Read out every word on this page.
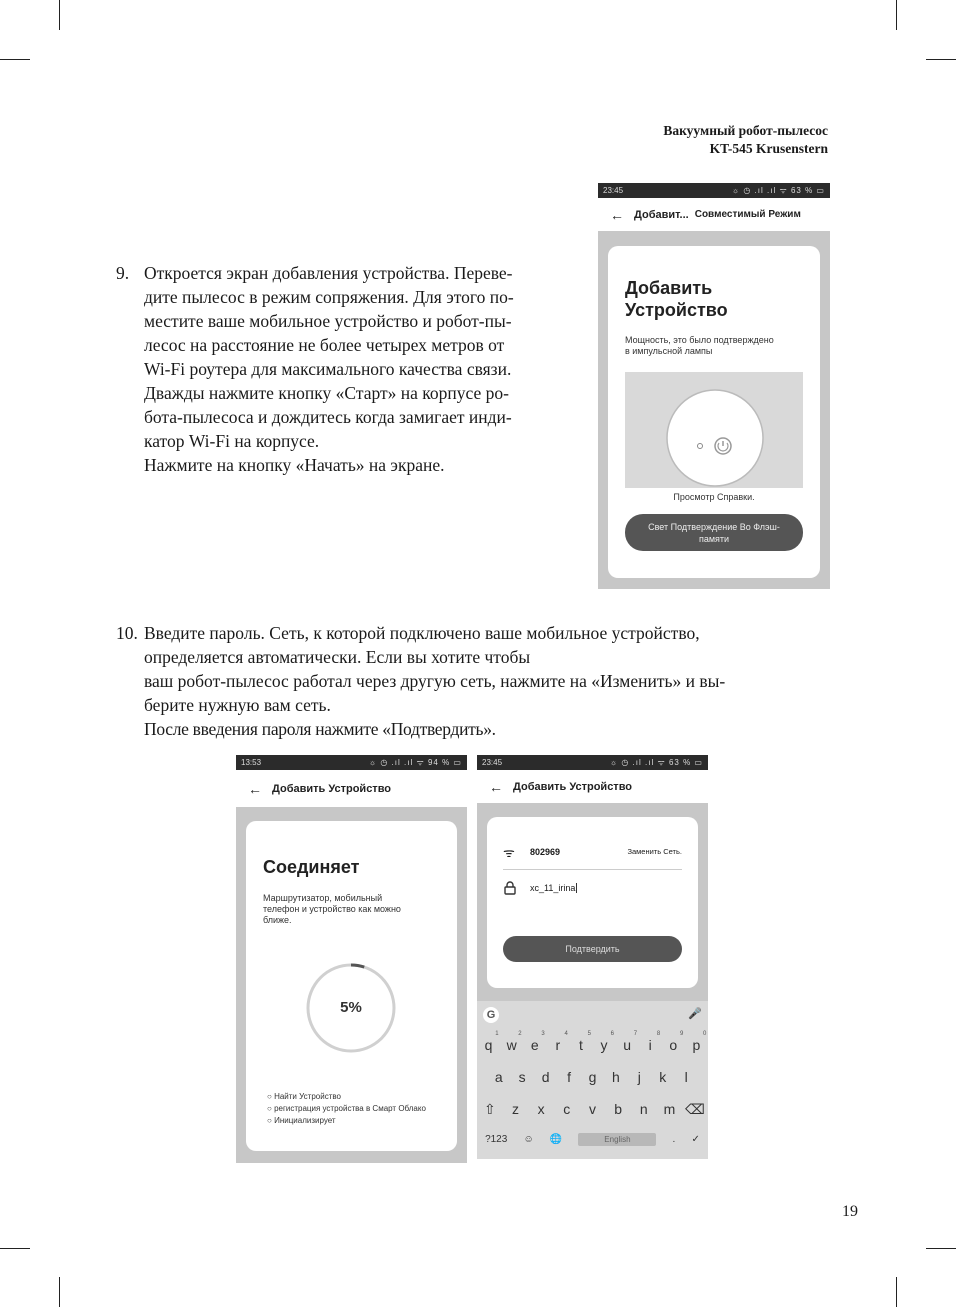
Вакуумный робот-пылесос
KT-545 Krusenstern
9. Откроется экран добавления устройства. Переве-

дите пылесос в режим сопряжения. Для этого по-

местите ваше мобильное устройство и робот-пы-

лесос на расстояние не более четырех метров от

Wi-Fi роутера для максимального качества связи.

Дважды нажмите кнопку «Старт» на корпусе ро-

бота-пылесоса и дождитесь когда замигает инди-

катор Wi-Fi на корпусе.

Нажмите на кнопку «Начать» на экране.

23:45	☼ ◷ .ıl .ıl ᯤ 63 % ▭
← Добавит... Совместимый Режим
Добавить
Устройство
Мощность, это было подтверждено
в импульсной лампы
Просмотр Справки.
Свет Подтверждение Во Флэш-
памяти
10. Введите пароль. Сеть, к которой подключено ваше мобильное устройство,

определяется автоматически. Если вы хотите чтобы

ваш робот-пылесос работал через другую сеть, нажмите на «Изменить» и вы-

берите нужную вам сеть.

После введения пароля нажмите «Подтвердить».

13:53	☼ ◷ .ıl .ıl ᯤ 94 % ▭
← Добавить Устройство
Соединяет
Маршрутизатор, мобильный
телефон и устройство как можно
ближе.
5%
○ Найти Устройство
○ регистрация устройства в Смарт Облако
○ Инициализирует
23:45	☼ ◷ .ıl .ıl ᯤ 63 % ▭
← Добавить Устройство
ᯤ 802969	Заменить Сеть.
xc_11_irina
Подтвердить
G	🎤
q
1
w
2
e
3
r
4
t
5
y
6
u
7
i
8
o
9
p
0
a	s	d	f	g	h	j	k	l
⇧	z	x	c	v	b	n	m ⌫
?123 ☺ 🌐	English	. ✓
19
